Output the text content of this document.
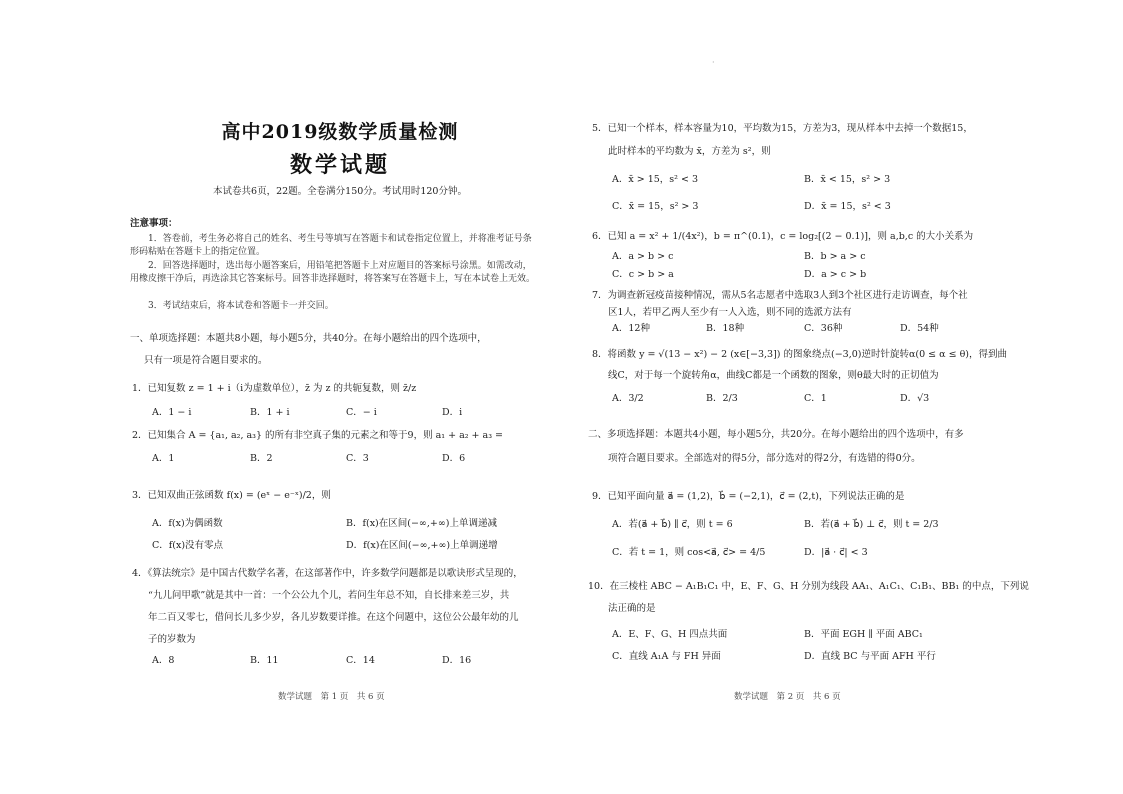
高中2019级数学质量检测
数学试题
本试卷共6页，22题。全卷满分150分。考试用时120分钟。
注意事项：
1．答卷前，考生务必将自己的姓名、考生号等填写在答题卡和试卷指定位置上，并将准考证号条形码粘贴在答题卡上的指定位置。
2．回答选择题时，选出每小题答案后，用铅笔把答题卡上对应题目的答案标号涂黑。如需改动，用橡皮擦干净后，再选涂其它答案标号。回答非选择题时，将答案写在答题卡上，写在本试卷上无效。
3．考试结束后，将本试卷和答题卡一并交回。
一、单项选择题：本题共8小题，每小题5分，共40分。在每小题给出的四个选项中，
只有一项是符合题目要求的。
1．已知复数 z = 1 + i（i为虚数单位），z̄ 为 z 的共轭复数，则 z̄/z
A．1 − i	B．1 + i	C．− i	D．i
2．已知集合 A = {a₁, a₂, a₃} 的所有非空真子集的元素之和等于9，则 a₁ + a₂ + a₃ =
A．1	B．2	C．3	D．6
3．已知双曲正弦函数 f(x) = (eˣ − e⁻ˣ)/2，则
A．f(x)为偶函数	B．f(x)在区间(−∞,+∞)上单调递减
C．f(x)没有零点	D．f(x)在区间(−∞,+∞)上单调递增
4．《算法统宗》是中国古代数学名著，在这部著作中，许多数学问题都是以歌诀形式呈现的，
“九儿问甲歌”就是其中一首：一个公公九个儿，若问生年总不知，自长排来差三岁，共
年二百又零七，借问长儿多少岁，各儿岁数要详推。在这个问题中，这位公公最年幼的儿
子的岁数为
A．8	B．11	C．14	D．16
数学试题　第 1 页　共 6 页
5．已知一个样本，样本容量为10，平均数为15，方差为3，现从样本中去掉一个数据15，
此时样本的平均数为 x̄，方差为 s²，则
A．x̄ > 15，s² < 3	B．x̄ < 15，s² > 3
C．x̄ = 15，s² > 3	D．x̄ = 15，s² < 3
6．已知 a = x² + 1/(4x²)，b = π^(0.1)，c = log₂[(2 − 0.1)]，则 a,b,c 的大小关系为
A．a > b > c	B．b > a > c
C．c > b > a	D．a > c > b
7．为调查新冠疫苗接种情况，需从5名志愿者中选取3人到3个社区进行走访调查，每个社
区1人，若甲乙两人至少有一人入选，则不同的选派方法有
A．12种	B．18种	C．36种	D．54种
8．将函数 y = √(13 − x²) − 2 (x∈[−3,3]) 的图象绕点(−3,0)逆时针旋转α(0 ≤ α ≤ θ)，得到曲
线C，对于每一个旋转角α，曲线C都是一个函数的图象，则θ最大时的正切值为
A．3/2	B．2/3	C．1	D．√3
二、多项选择题：本题共4小题，每小题5分，共20分。在每小题给出的四个选项中，有多
项符合题目要求。全部选对的得5分，部分选对的得2分，有选错的得0分。
9．已知平面向量 a⃗ = (1,2)，b⃗ = (−2,1)，c⃗ = (2,t)，下列说法正确的是
A．若(a⃗ + b⃗) ∥ c⃗，则 t = 6	B．若(a⃗ + b⃗) ⊥ c⃗，则 t = 2/3
C．若 t = 1，则 cos<a⃗, c⃗> = 4/5	D．|a⃗ · c⃗| < 3
10．在三棱柱 ABC − A₁B₁C₁ 中，E、F、G、H 分别为线段 AA₁、A₁C₁、C₁B₁、BB₁ 的中点，下列说
法正确的是
A．E、F、G、H 四点共面	B．平面 EGH ∥ 平面 ABC₁
C．直线 A₁A 与 FH 异面	D．直线 BC 与平面 AFH 平行
数学试题　第 2 页　共 6 页
·
